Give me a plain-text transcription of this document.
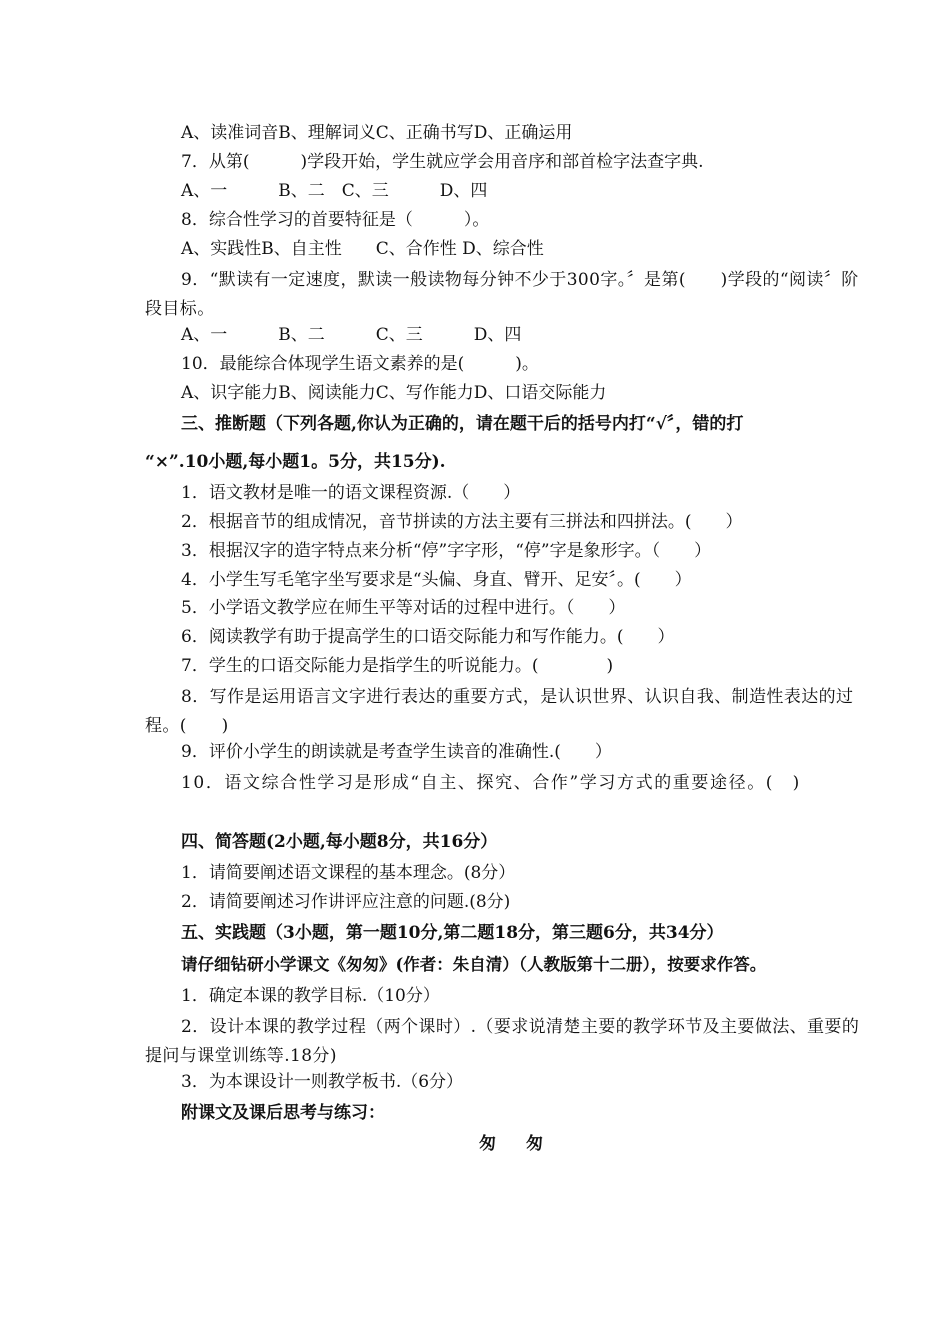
A、读准词音B、理解词义C、正确书写D、正确运用
7．从第(　　　)学段开始，学生就应学会用音序和部首检字法查字典.
A、一　　　B、二　C、三　　　D、四
8．综合性学习的首要特征是（　　　）。
A、实践性B、自主性　　C、合作性 D、综合性
9．“默读有一定速度，默读一般读物每分钟不少于300字。〞是第(　　)学段的“阅读〞阶段目标。
A、一　　　B、二　　　C、三　　　D、四
10．最能综合体现学生语文素养的是(　　　)。
A、识字能力B、阅读能力C、写作能力D、口语交际能力
三、推断题（下列各题,你认为正确的，请在题干后的括号内打“√〞，错的打
“×”.10小题,每小题1。5分，共15分).
1．语文教材是唯一的语文课程资源.（　　）
2．根据音节的组成情况，音节拼读的方法主要有三拼法和四拼法。(　　）
3．根据汉字的造字特点来分析“停”字字形，“停”字是象形字。（　　）
4．小学生写毛笔字坐写要求是“头偏、身直、臂开、足安〞。(　　）
5．小学语文教学应在师生平等对话的过程中进行。（　　）
6．阅读教学有助于提高学生的口语交际能力和写作能力。(　　）
7．学生的口语交际能力是指学生的听说能力。(　　　　)
8．写作是运用语言文字进行表达的重要方式，是认识世界、认识自我、制造性表达的过程。(　　)
9．评价小学生的朗读就是考查学生读音的准确性.(　　）
10．语文综合性学习是形成“自主、探究、合作”学习方式的重要途径。(　)
四、简答题(2小题,每小题8分，共16分）
1．请简要阐述语文课程的基本理念。(8分）
2．请简要阐述习作讲评应注意的问题.(8分)
五、实践题（3小题，第一题10分,第二题18分，第三题6分，共34分）
请仔细钻研小学课文《匆匆》(作者：朱自清）（人教版第十二册），按要求作答。
1．确定本课的教学目标.（10分）
2．设计本课的教学过程（两个课时）.（要求说清楚主要的教学环节及主要做法、重要的提问与课堂训练等.18分)
3．为本课设计一则教学板书.（6分）
附课文及课后思考与练习：
匆 匆
